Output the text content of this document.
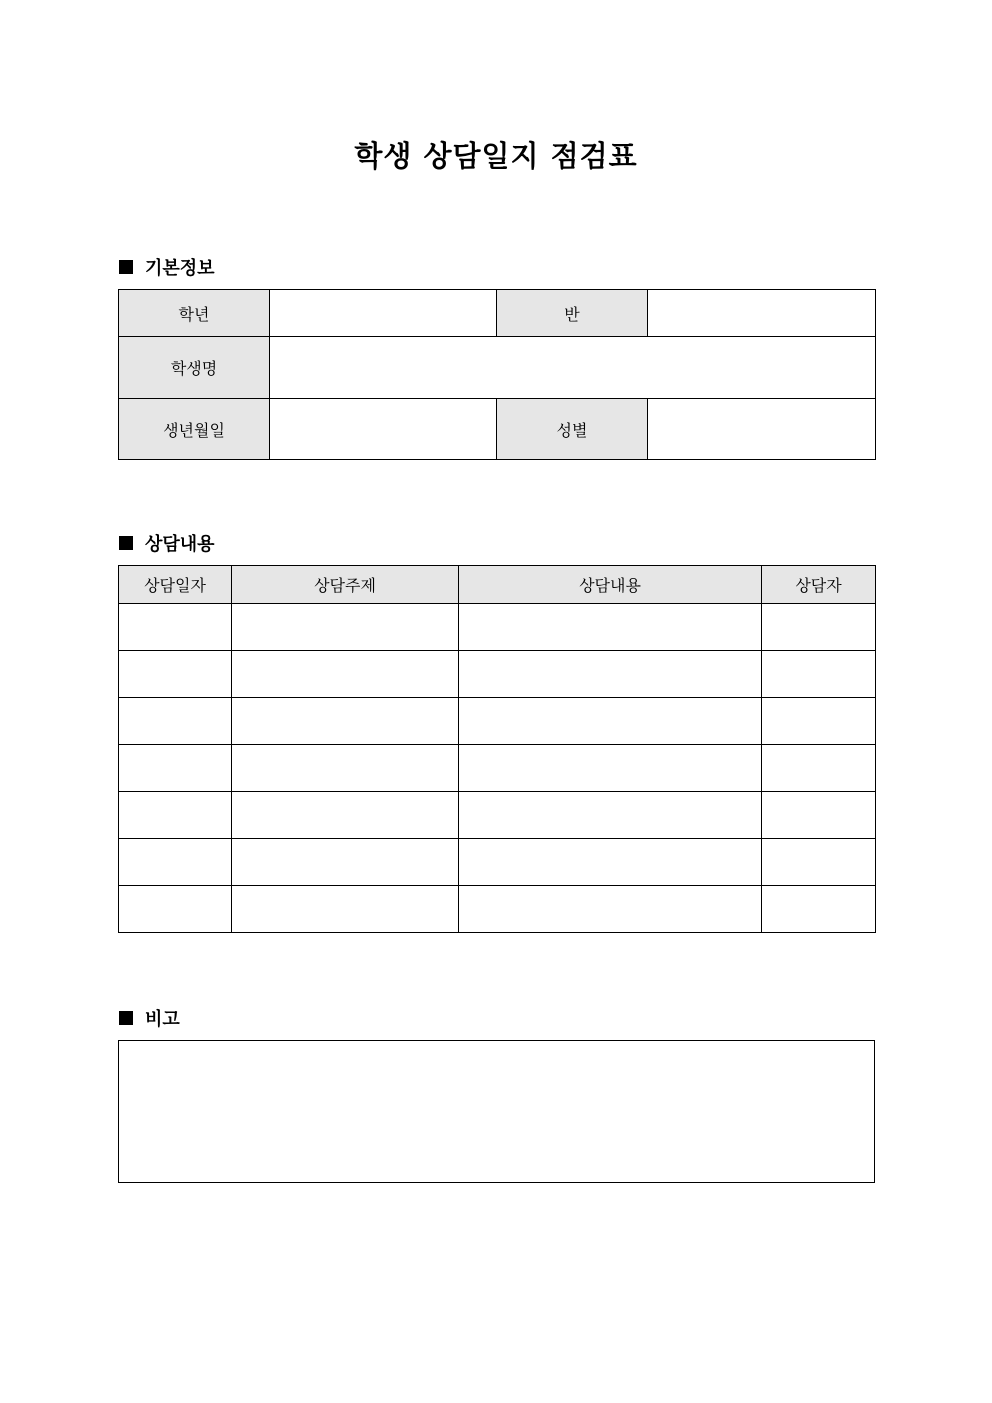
학생 상담일지 점검표
기본정보
학년		반	
학생명			
생년월일		성별	
상담내용
상담일자	상담주제	상담내용	상담자

비고
